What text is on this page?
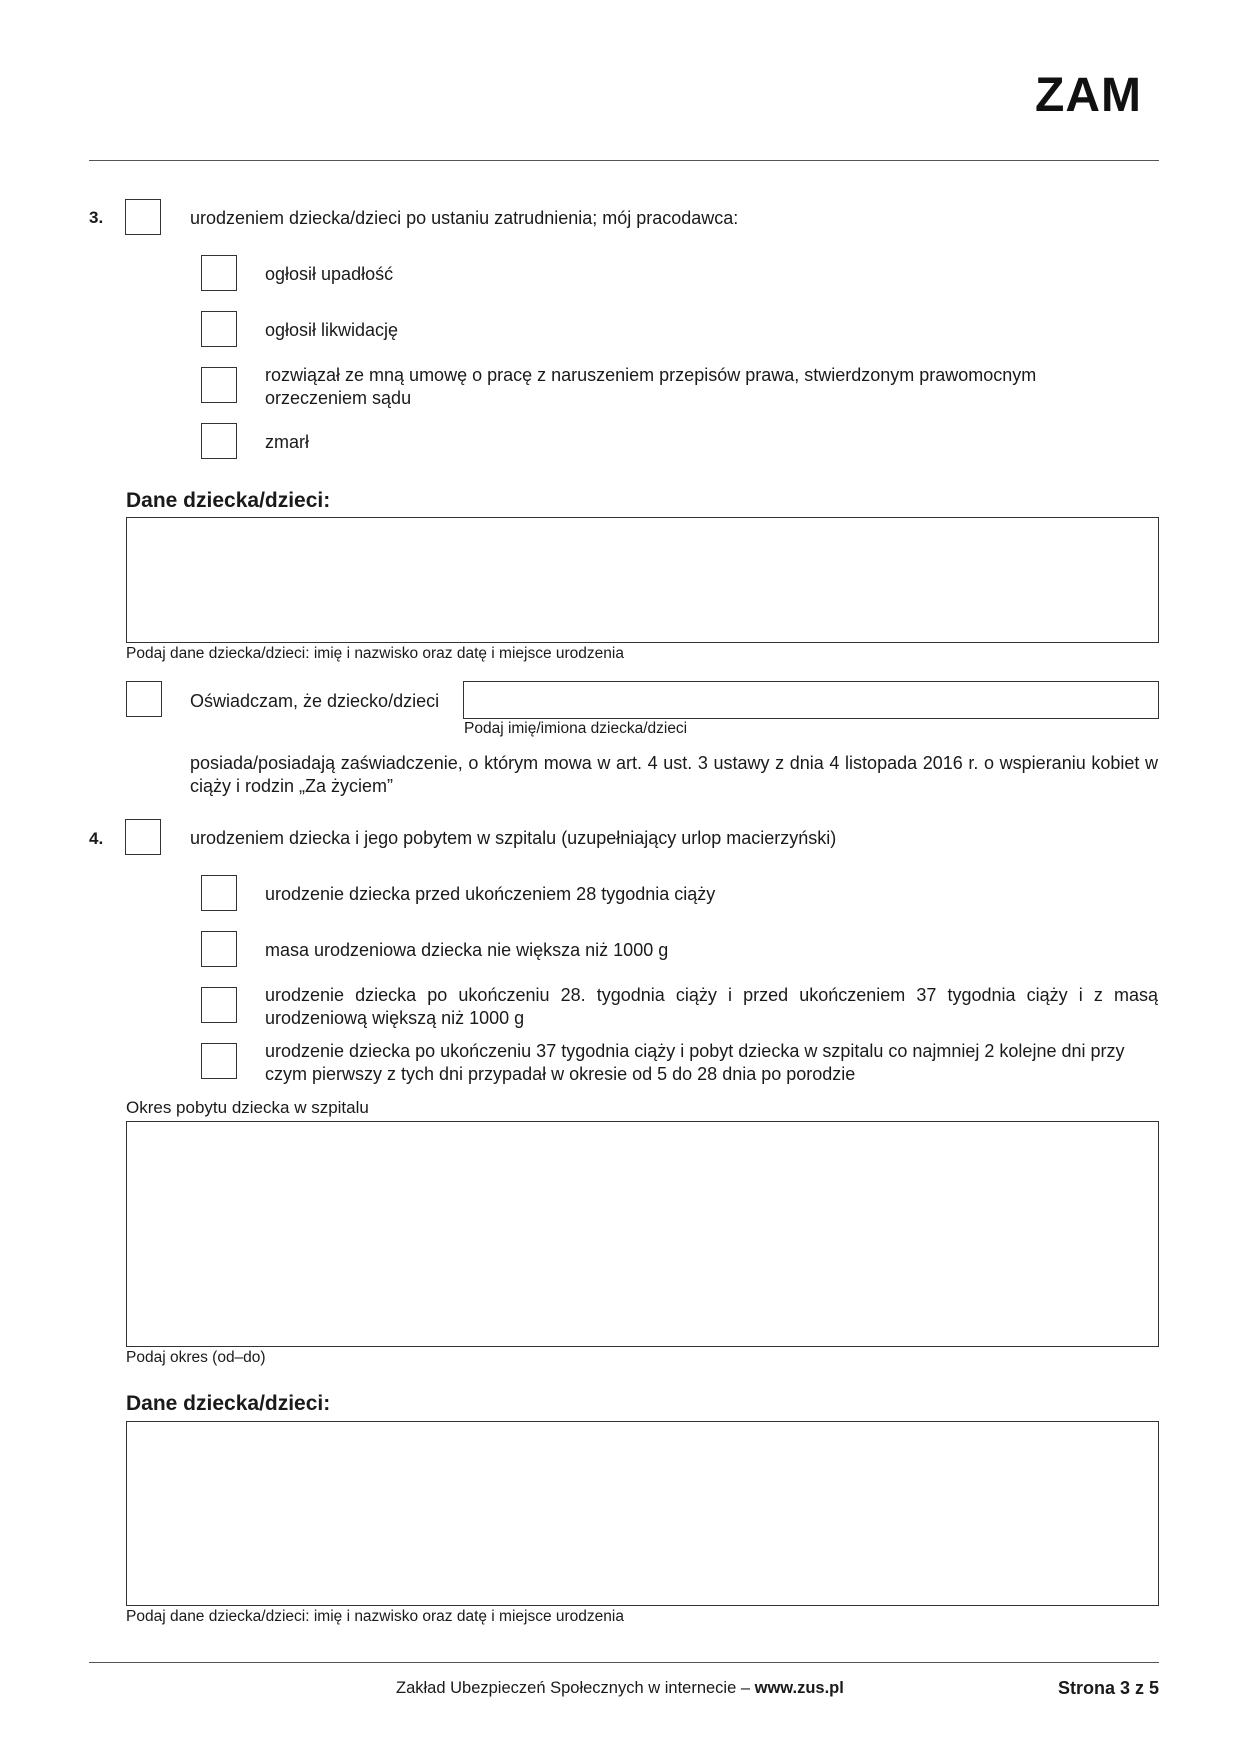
ZAM
3.	urodzeniem dziecka/dzieci po ustaniu zatrudnienia; mój pracodawca:
ogłosił upadłość
ogłosił likwidację
rozwiązał ze mną umowę o pracę z naruszeniem przepisów prawa, stwierdzonym prawomocnym orzeczeniem sądu
zmarł
Dane dziecka/dzieci:
Podaj dane dziecka/dzieci: imię i nazwisko oraz datę i miejsce urodzenia
Oświadczam, że dziecko/dzieci
Podaj imię/imiona dziecka/dzieci
posiada/posiadają zaświadczenie, o którym mowa w art. 4 ust. 3 ustawy z dnia 4 listopada 2016 r. o wspieraniu kobiet w ciąży i rodzin „Za życiem”
4.	urodzeniem dziecka i jego pobytem w szpitalu (uzupełniający urlop macierzyński)
urodzenie dziecka przed ukończeniem 28 tygodnia ciąży
masa urodzeniowa dziecka nie większa niż 1000 g
urodzenie dziecka po ukończeniu 28. tygodnia ciąży i przed ukończeniem 37 tygodnia ciąży i z masą urodzeniową większą niż 1000 g
urodzenie dziecka po ukończeniu 37 tygodnia ciąży i pobyt dziecka w szpitalu co najmniej 2 kolejne dni przy czym pierwszy z tych dni przypadał w okresie od 5 do 28 dnia po porodzie
Okres pobytu dziecka w szpitalu
Podaj okres (od–do)
Dane dziecka/dzieci:
Podaj dane dziecka/dzieci: imię i nazwisko oraz datę i miejsce urodzenia
Zakład Ubezpieczeń Społecznych w internecie – www.zus.pl	Strona 3 z 5
